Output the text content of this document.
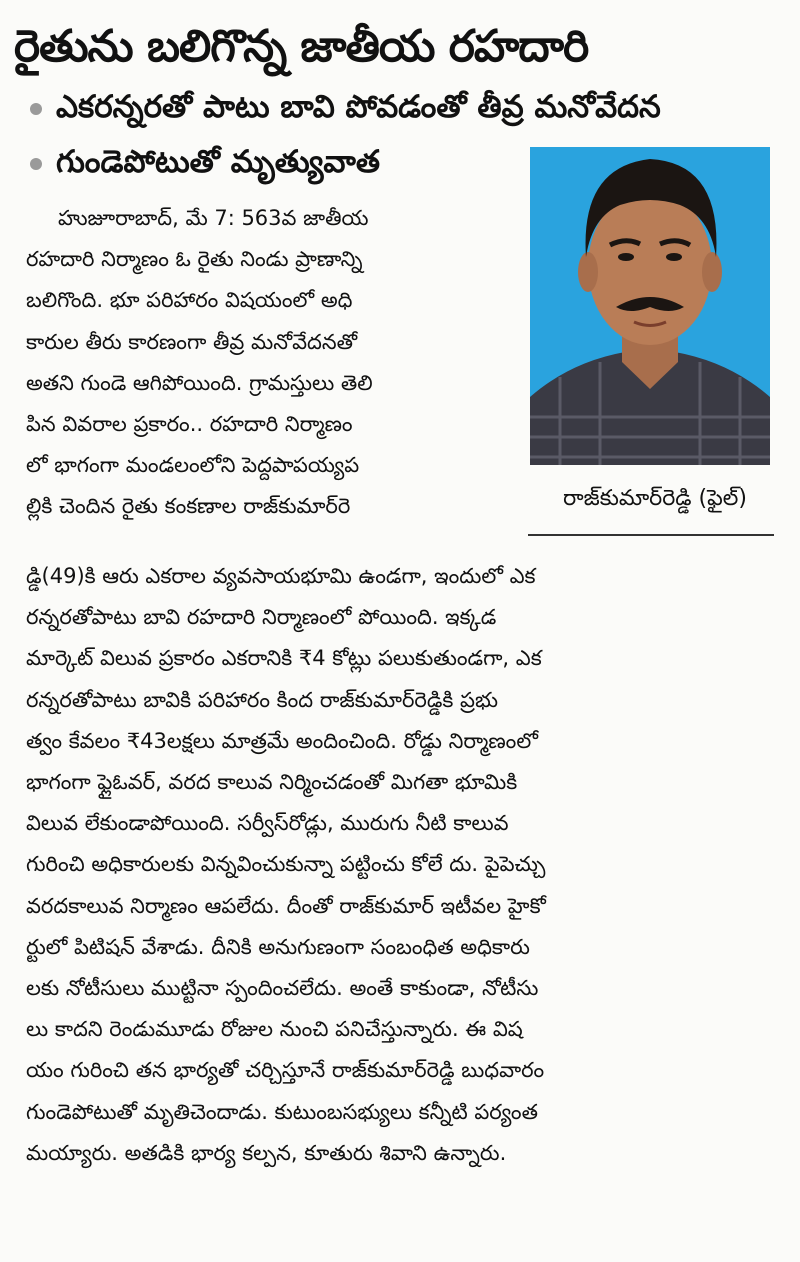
రైతును బలిగొన్న జాతీయ రహదారి
ఎకరన్నరతో పాటు బావి పోవడంతో తీవ్ర మనోవేదన
గుండెపోటుతో మృత్యువాత
రాజ్‌కుమార్‌రెడ్డి (ఫైల్)
హుజూరాబాద్, మే 7: 563వ జాతీయ
రహదారి నిర్మాణం ఓ రైతు నిండు ప్రాణాన్ని
బలిగొంది. భూ పరిహారం విషయంలో అధి
కారుల తీరు కారణంగా తీవ్ర మనోవేదనతో
అతని గుండె ఆగిపోయింది. గ్రామస్తులు తెలి
పిన వివరాల ప్రకారం.. రహదారి నిర్మాణం
లో భాగంగా మండలంలోని పెద్దపాపయ్యప
ల్లికి చెందిన రైతు కంకణాల రాజ్‌కుమార్‌రె
డ్డి(49)కి ఆరు ఎకరాల వ్యవసాయభూమి ఉండగా, ఇందులో ఎక
రన్నరతోపాటు బావి రహదారి నిర్మాణంలో పోయింది. ఇక్కడ
మార్కెట్ విలువ ప్రకారం ఎకరానికి ₹4 కోట్లు పలుకుతుండగా, ఎక
రన్నరతోపాటు బావికి పరిహారం కింద రాజ్‌కుమార్‌రెడ్డికి ప్రభు
త్వం కేవలం ₹43లక్షలు మాత్రమే అందించింది. రోడ్డు నిర్మాణంలో
భాగంగా ఫ్లైఓవర్, వరద కాలువ నిర్మించడంతో మిగతా భూమికి
విలువ లేకుండాపోయింది. సర్వీస్‌రోడ్లు, మురుగు నీటి కాలువ
గురించి అధికారులకు విన్నవించుకున్నా పట్టించు కోలే దు. పైపెచ్చు
వరదకాలువ నిర్మాణం ఆపలేదు. దీంతో రాజ్‌కుమార్ ఇటీవల హైకో
ర్టులో పిటిషన్ వేశాడు. దీనికి అనుగుణంగా సంబంధిత అధికారు
లకు నోటీసులు ముట్టినా స్పందించలేదు. అంతే కాకుండా, నోటీసు
లు కాదని రెండుమూడు రోజుల నుంచి పనిచేస్తున్నారు. ఈ విష
యం గురించి తన భార్యతో చర్చిస్తూనే రాజ్‌కుమార్‌రెడ్డి బుధవారం
గుండెపోటుతో మృతిచెందాడు. కుటుంబసభ్యులు కన్నీటి పర్యంత
మయ్యారు. అతడికి భార్య కల్పన, కూతురు శివాని ఉన్నారు.
